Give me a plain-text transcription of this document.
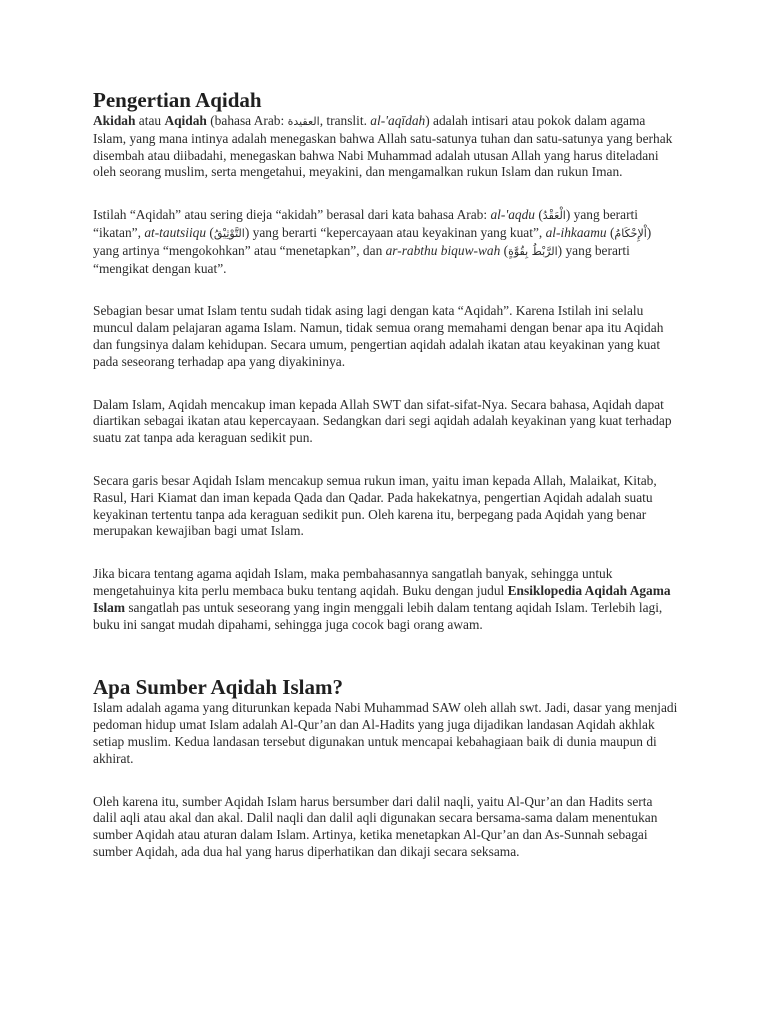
Pengertian Aqidah

Akidah atau Aqidah (bahasa Arab: العقيدة, translit. al-'aqīdah) adalah intisari atau pokok dalam agama Islam, yang mana intinya adalah menegaskan bahwa Allah satu-satunya tuhan dan satu-satunya yang berhak disembah atau diibadahi, menegaskan bahwa Nabi Muhammad adalah utusan Allah yang harus diteladani oleh seorang muslim, serta mengetahui, meyakini, dan mengamalkan rukun Islam dan rukun Iman.

Istilah “Aqidah” atau sering dieja “akidah” berasal dari kata bahasa Arab: al-'aqdu (الْعَقْدُ) yang berarti “ikatan”, at-tautsiiqu (التَّوْثِيْقُ) yang berarti “kepercayaan atau keyakinan yang kuat”, al-ihkaamu (اْلإِحْكَامُ) yang artinya “mengokohkan” atau “menetapkan”, dan ar-rabthu biquw-wah (الرَّبْطُ بِقُوَّةٍ) yang berarti “mengikat dengan kuat”.

Sebagian besar umat Islam tentu sudah tidak asing lagi dengan kata “Aqidah”. Karena Istilah ini selalu muncul dalam pelajaran agama Islam. Namun, tidak semua orang memahami dengan benar apa itu Aqidah dan fungsinya dalam kehidupan. Secara umum, pengertian aqidah adalah ikatan atau keyakinan yang kuat pada seseorang terhadap apa yang diyakininya.

Dalam Islam, Aqidah mencakup iman kepada Allah SWT dan sifat-sifat-Nya. Secara bahasa, Aqidah dapat diartikan sebagai ikatan atau kepercayaan. Sedangkan dari segi aqidah adalah keyakinan yang kuat terhadap suatu zat tanpa ada keraguan sedikit pun.

Secara garis besar Aqidah Islam mencakup semua rukun iman, yaitu iman kepada Allah, Malaikat, Kitab, Rasul, Hari Kiamat dan iman kepada Qada dan Qadar. Pada hakekatnya, pengertian Aqidah adalah suatu keyakinan tertentu tanpa ada keraguan sedikit pun. Oleh karena itu, berpegang pada Aqidah yang benar merupakan kewajiban bagi umat Islam.

Jika bicara tentang agama aqidah Islam, maka pembahasannya sangatlah banyak, sehingga untuk mengetahuinya kita perlu membaca buku tentang aqidah. Buku dengan judul Ensiklopedia Aqidah Agama Islam sangatlah pas untuk seseorang yang ingin menggali lebih dalam tentang aqidah Islam. Terlebih lagi, buku ini sangat mudah dipahami, sehingga juga cocok bagi orang awam.

Apa Sumber Aqidah Islam?

Islam adalah agama yang diturunkan kepada Nabi Muhammad SAW oleh allah swt. Jadi, dasar yang menjadi pedoman hidup umat Islam adalah Al-Qur’an dan Al-Hadits yang juga dijadikan landasan Aqidah akhlak setiap muslim. Kedua landasan tersebut digunakan untuk mencapai kebahagiaan baik di dunia maupun di akhirat.

Oleh karena itu, sumber Aqidah Islam harus bersumber dari dalil naqli, yaitu Al-Qur’an dan Hadits serta dalil aqli atau akal dan akal. Dalil naqli dan dalil aqli digunakan secara bersama-sama dalam menentukan sumber Aqidah atau aturan dalam Islam. Artinya, ketika menetapkan Al-Qur’an dan As-Sunnah sebagai sumber Aqidah, ada dua hal yang harus diperhatikan dan dikaji secara seksama.
